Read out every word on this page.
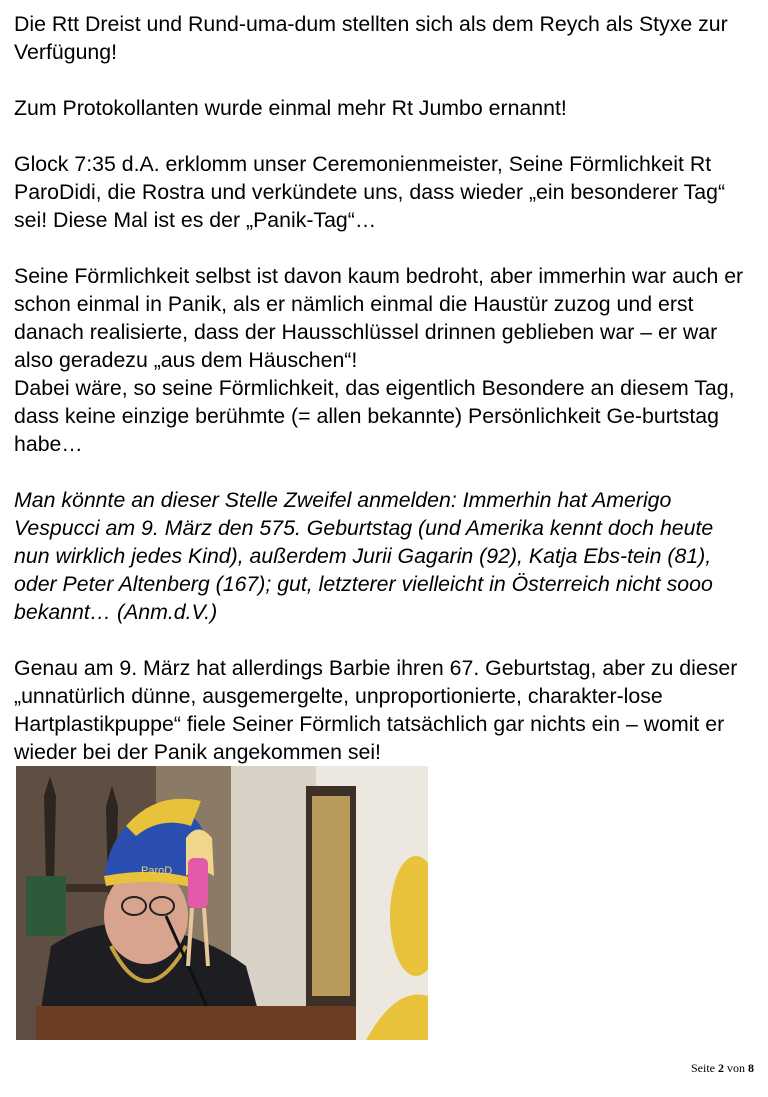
Die Rtt Dreist und Rund-uma-dum stellten sich als dem Reych als Styxe zur Verfügung!

Zum Protokollanten wurde einmal mehr Rt Jumbo ernannt!

Glock 7:35 d.A. erklomm unser Ceremonienmeister, Seine Förmlichkeit Rt ParoDidi, die Rostra und verkündete uns, dass wieder „ein besonderer Tag“ sei! Diese Mal ist es der „Panik-Tag“…

Seine Förmlichkeit selbst ist davon kaum bedroht, aber immerhin war auch er schon einmal in Panik, als er nämlich einmal die Haustür zuzog und erst danach realisierte, dass der Hausschlüssel drinnen geblieben war – er war also geradezu „aus dem Häuschen“!

Dabei wäre, so seine Förmlichkeit, das eigentlich Besondere an diesem Tag, dass keine einzige berühmte (= allen bekannte) Persönlichkeit Ge-burtstag habe…

Man könnte an dieser Stelle Zweifel anmelden: Immerhin hat Amerigo Vespucci am 9. März den 575. Geburtstag (und Amerika kennt doch heute nun wirklich jedes Kind), außerdem Jurii Gagarin (92), Katja Ebs-tein (81), oder Peter Altenberg (167); gut, letzterer vielleicht in Österreich nicht sooo bekannt… (Anm.d.V.)

Genau am 9. März hat allerdings Barbie ihren 67. Geburtstag, aber zu dieser „unnatürlich dünne, ausgemergelte, unproportionierte, charakter-lose Hartplastikpuppe“ fiele Seiner Förmlich tatsächlich gar nichts ein – womit er wieder bei der Panik angekommen sei!

ParoD
Seite 2 von 8
